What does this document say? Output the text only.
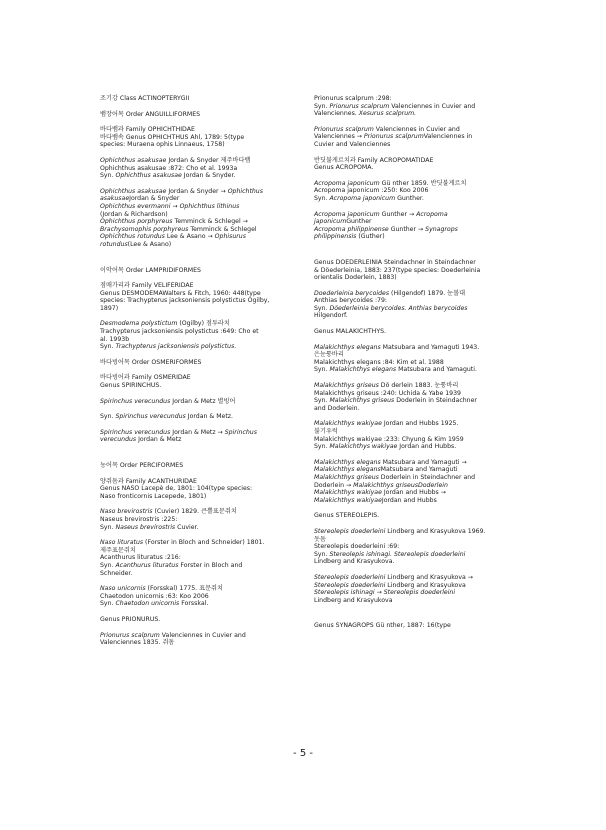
조기강 Class ACTINOPTERYGII
뱀장어목 Order ANGUILLIFORMES
바다뱀과 Family OPHICHTHIDAE
바다뱀속 Genus OPHICHTHUS Ahl, 1789: 5(type
species: Muraena ophis Linnaeus, 1758)
Ophichthus asakusae Jordan & Snyder 제주바다뱀
Ophichthus asakusae :872: Cho et al. 1993a
Syn. Ophichthus asakusae Jordan & Snyder.
Ophichthus asakusae Jordan & Snyder → Ophichthus
asakusaeJordan & Snyder
Ophichthus evermanni → Ophichthus lithinus
(Jordan & Richardson)
Ophichthus porphyreus Temminck & Schlegel →
Brachysomophis porphyreus Temminck & Schlegel
Ophichthus rotundus Lee & Asano → Ophisurus
rotundus(Lee & Asano)
이악어목 Order LAMPRIDIFORMES
점매가리과 Family VELIFERIDAE
Genus DESMODEMAWalters & Fitch, 1960: 448(type
species: Trachypterus jacksoniensis polystictus Ogilby,
1897)
Desmodema polystictum (Ogilby) 점투라치
Trachypterus jacksoniensis polystictus :649: Cho et
al. 1993b
Syn. Trachypterus jacksoniensis polystictus.
바다빙어목 Order OSMERIFORMES
바다빙어과 Family OSMERIDAE
Genus SPIRINCHUS.
Spirinchus verecundus Jordan & Metz 별빙어
Syn. Spirinchus verecundus Jordan & Metz.
Spirinchus verecundus Jordan & Metz → Spirinchus
verecundus Jordan & Metz
농어목 Order PERCIFORMES
양쥐돔과 Family ACANTHURIDAE
Genus NASO Lacepè de, 1801: 104(type species:
Naso fronticornis Lacepede, 1801)
Naso brevirostris (Cuvier) 1829. 큰뿔표문쥐치
Naseus brevirostris :225:
Syn. Naseus brevirostris Cuvier.
Naso lituratus (Forster in Bloch and Schneider) 1801.
제주표문쥐치
Acanthurus lituratus :216:
Syn. Acanthurus lituratus Forster in Bloch and
Schneider.
Naso unicornis (Forsskal) 1775. 표문쥐치
Chaetodon unicornis :63: Koo 2006
Syn. Chaetodon unicornis Forsskal.
Genus PRIONURUS.
Prionurus scalprum Valenciennes in Cuvier and
Valenciennes 1835. 쥐돔
Prionurus scalprum :298:
Syn. Prionurus scalprum Valenciennes in Cuvier and
Valenciennes. Xesurus scalprum.
Prionurus scalprum Valenciennes in Cuvier and
Valenciennes → Prionurus scalprumValenciennes in
Cuvier and Valenciennes
반딧불게르치과 Family ACROPOMATIDAE
Genus ACROPOMA.
Acropoma japonicum Gü nther 1859. 반딧불게르치
Acropoma japonicum :250: Koo 2006
Syn. Acropoma japonicum Gunther.
Acropoma japonicum Gunther → Acropoma
japonicumGunther
Acropoma philippinense Gunther → Synagrops
philippinensis (Guther)
Genus DOEDERLEINIA Steindachner in Steindachner
& Döederleinia, 1883: 237(type species: Doederleinia
orientalis Doderlein, 1883)
Doederleinia berycoides (Hilgendof) 1879. 눈볼대
Anthias berycoides :79:
Syn. Döederleinia berycoides. Anthias berycoides
Hilgendorf.
Genus MALAKICHTHYS.
Malakichthys elegans Matsubara and Yamaguti 1943.
은눈퉁바리
Malakichthys elegans :84: Kim et al. 1988
Syn. Malakichthys elegans Matsubara and Yamaguti.
Malakichthys griseus Dö derlein 1883. 눈퉁바리
Malakichthys griseus :240: Uchida & Yabe 1939
Syn. Malakichthys griseus Doderlein in Steindachner
and Doderlein.
Malakichthys wakiyae Jordan and Hubbs 1925.
불기우럭
Malakichthys wakiyae :233: Chyung & Kim 1959
Syn. Malakichthys wakiyae Jordan and Hubbs.
Malakichthys elegans Matsubara and Yamaguti →
Malakichthys elegansMatsubara and Yamaguti
Malakichthys griseus Doderlein in Steindachner and
Doderlein → Malakichthys griseusDoderlein
Malakichthys wakiyae Jordan and Hubbs →
Malakichthys wakiyaeJordan and Hubbs
Genus STEREOLEPIS.
Stereolepis doederleini Lindberg and Krasyukova 1969.
돗돔
Stereolepis doederleini :69:
Syn. Stereolepis ishinagi. Stereolepis doederleini
Lindberg and Krasyukova.
Stereolepis doederleini Lindberg and Krasyukova →
Stereolepis doederleini Lindberg and Krasyukova
Stereolepis ishinagi → Stereolepis doederleini
Lindberg and Krasyukova
Genus SYNAGROPS Gü nther, 1887: 16(type
- 5 -
